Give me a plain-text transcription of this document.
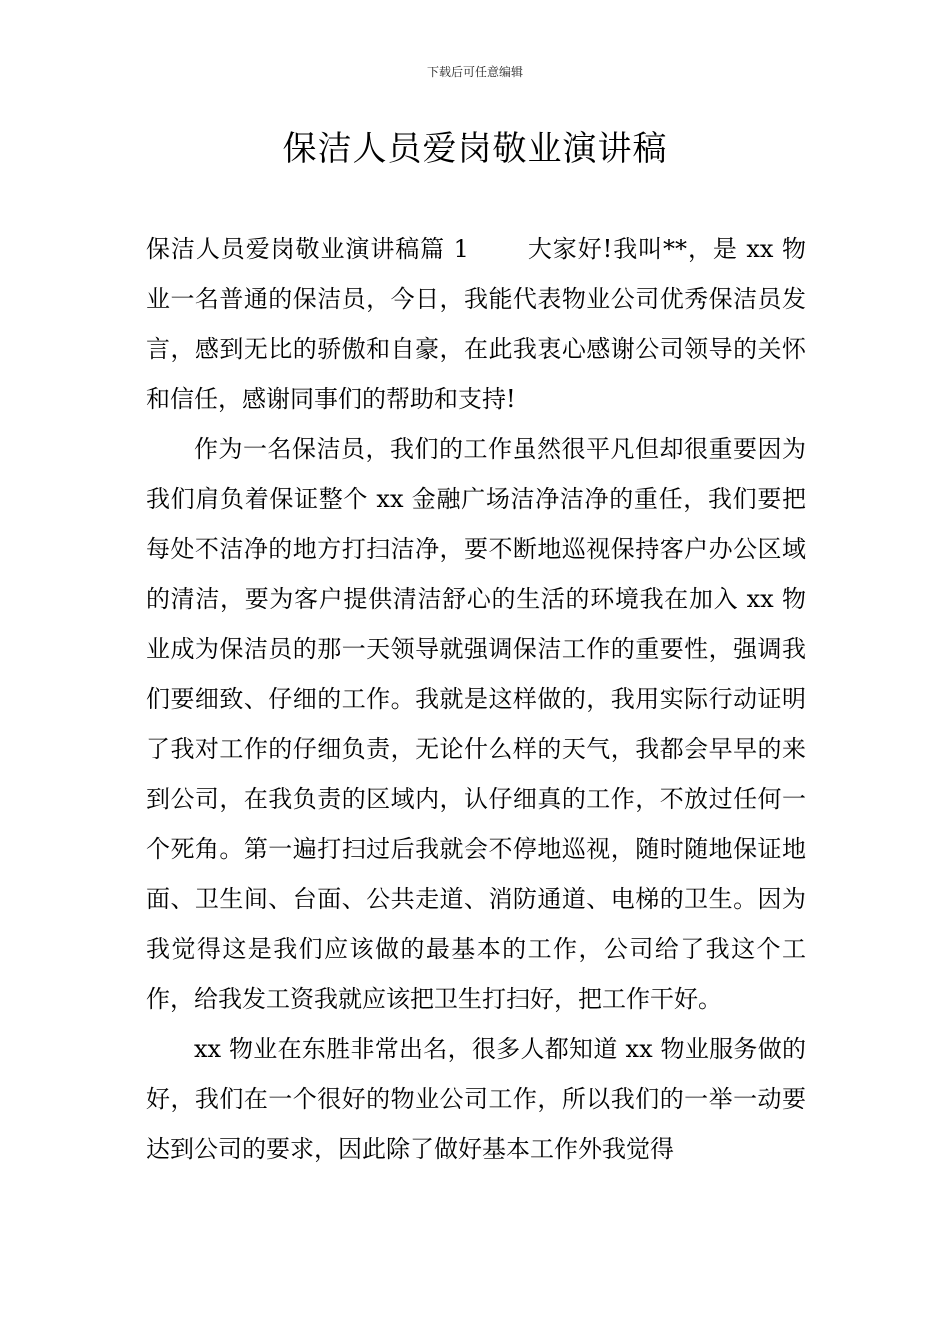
下载后可任意编辑
保洁人员爱岗敬业演讲稿

保洁人员爱岗敬业演讲稿篇 1 大家好!我叫**，是 xx 物业一名普通的保洁员，今日，我能代表物业公司优秀保洁员发言，感到无比的骄傲和自豪，在此我衷心感谢公司领导的关怀和信任，感谢同事们的帮助和支持!

作为一名保洁员，我们的工作虽然很平凡但却很重要因为我们肩负着保证整个 xx 金融广场洁净洁净的重任，我们要把每处不洁净的地方打扫洁净，要不断地巡视保持客户办公区域的清洁，要为客户提供清洁舒心的生活的环境我在加入 xx 物业成为保洁员的那一天领导就强调保洁工作的重要性，强调我们要细致、仔细的工作。我就是这样做的，我用实际行动证明了我对工作的仔细负责，无论什么样的天气，我都会早早的来到公司，在我负责的区域内，认仔细真的工作，不放过任何一个死角。第一遍打扫过后我就会不停地巡视，随时随地保证地面、卫生间、台面、公共走道、消防通道、电梯的卫生。因为我觉得这是我们应该做的最基本的工作，公司给了我这个工作，给我发工资我就应该把卫生打扫好，把工作干好。

xx 物业在东胜非常出名，很多人都知道 xx 物业服务做的好，我们在一个很好的物业公司工作，所以我们的一举一动要达到公司的要求，因此除了做好基本工作外我觉得
